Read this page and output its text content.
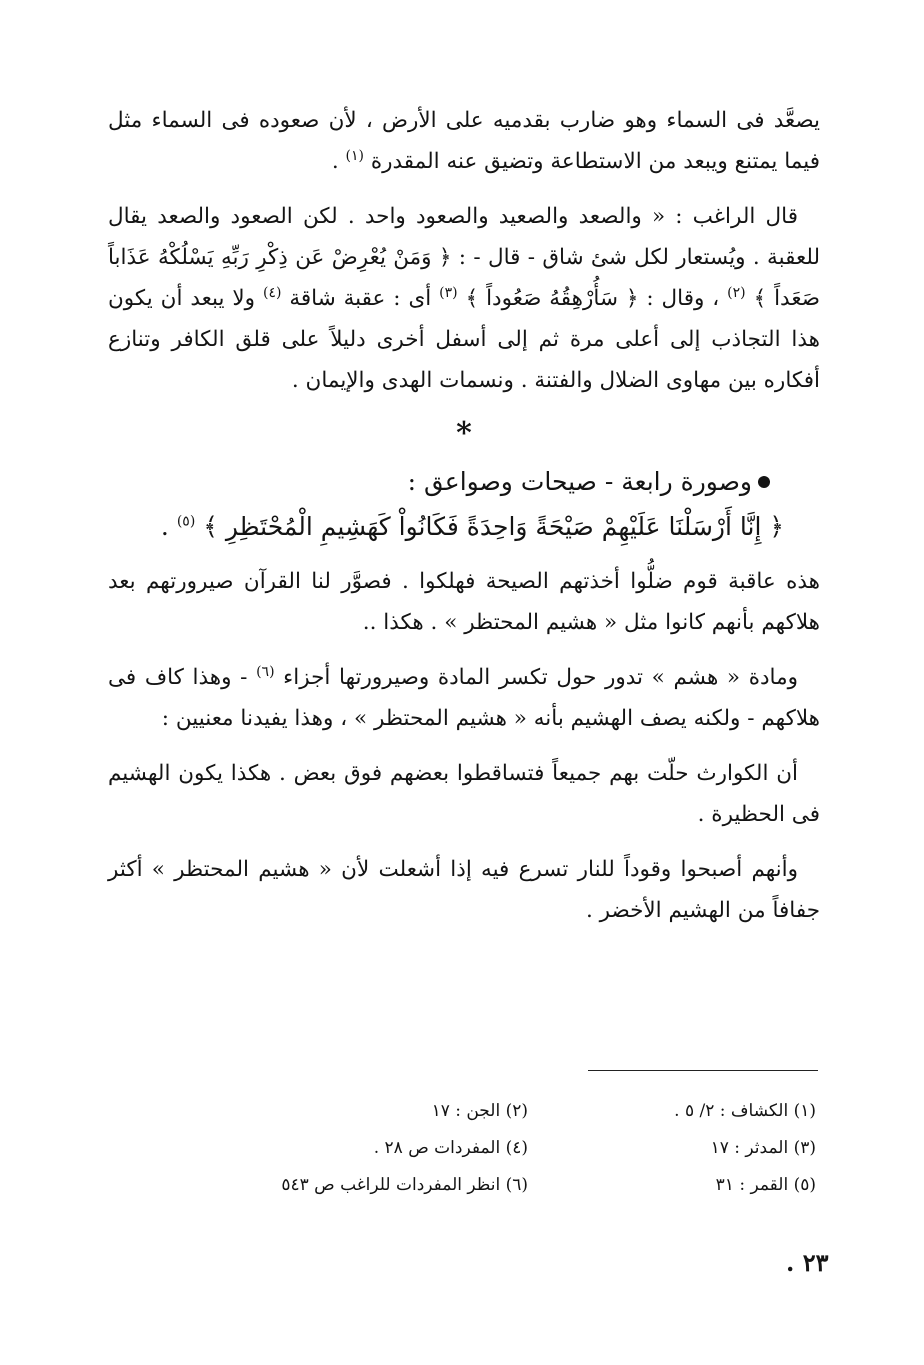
يصعَّد فى السماء وهو ضارب بقدميه على الأرض ، لأن صعوده فى السماء مثل فيما يمتنع ويبعد من الاستطاعة وتضيق عنه المقدرة $^{(١)}$ .

قال الراغب : « والصعد والصعيد والصعود واحد . لكن الصعود والصعد يقال للعقبة . ويُستعار لكل شئ شاق - قال - : ﴿ وَمَنْ يُعْرِضْ عَن ذِكْرِ رَبِّهِ يَسْلُكْهُ عَذَاباً صَعَداً ﴾ $^{(٢)}$ ، وقال : ﴿ سَأُرْهِقُهُ صَعُوداً ﴾ $^{(٣)}$ أى : عقبة شاقة $^{(٤)}$ ولا يبعد أن يكون هذا التجاذب إلى أعلى مرة ثم إلى أسفل أخرى دليلاً على قلق الكافر وتنازع أفكاره بين مهاوى الضلال والفتنة . ونسمات الهدى والإيمان .

*

وصورة رابعة - صيحات وصواعق :

﴿ إِنَّا أَرْسَلْنَا عَلَيْهِمْ صَيْحَةً وَاحِدَةً فَكَانُواْ كَهَشِيمِ الْمُحْتَظِرِ ﴾ $^{(٥)}$ .

هذه عاقبة قوم ضلُّوا أخذتهم الصيحة فهلكوا . فصوَّر لنا القرآن صيرورتهم بعد هلاكهم بأنهم كانوا مثل « هشيم المحتظر » . هكذا ..

ومادة « هشم » تدور حول تكسر المادة وصيرورتها أجزاء $^{(٦)}$ - وهذا كاف فى هلاكهم - ولكنه يصف الهشيم بأنه « هشيم المحتظر » ، وهذا يفيدنا معنيين :

أن الكوارث حلّت بهم جميعاً فتساقطوا بعضهم فوق بعض . هكذا يكون الهشيم فى الحظيرة .

وأنهم أصبحوا وقوداً للنار تسرع فيه إذا أشعلت لأن « هشيم المحتظر » أكثر جفافاً من الهشيم الأخضر .

(١) الكشاف : ٢/ ٥ .
(٢) الجن : ١٧
(٣) المدثر : ١٧
(٤) المفردات ص ٢٨ .
(٥) القمر : ٣١
(٦) انظر المفردات للراغب ص ٥٤٣
٢٣ .
